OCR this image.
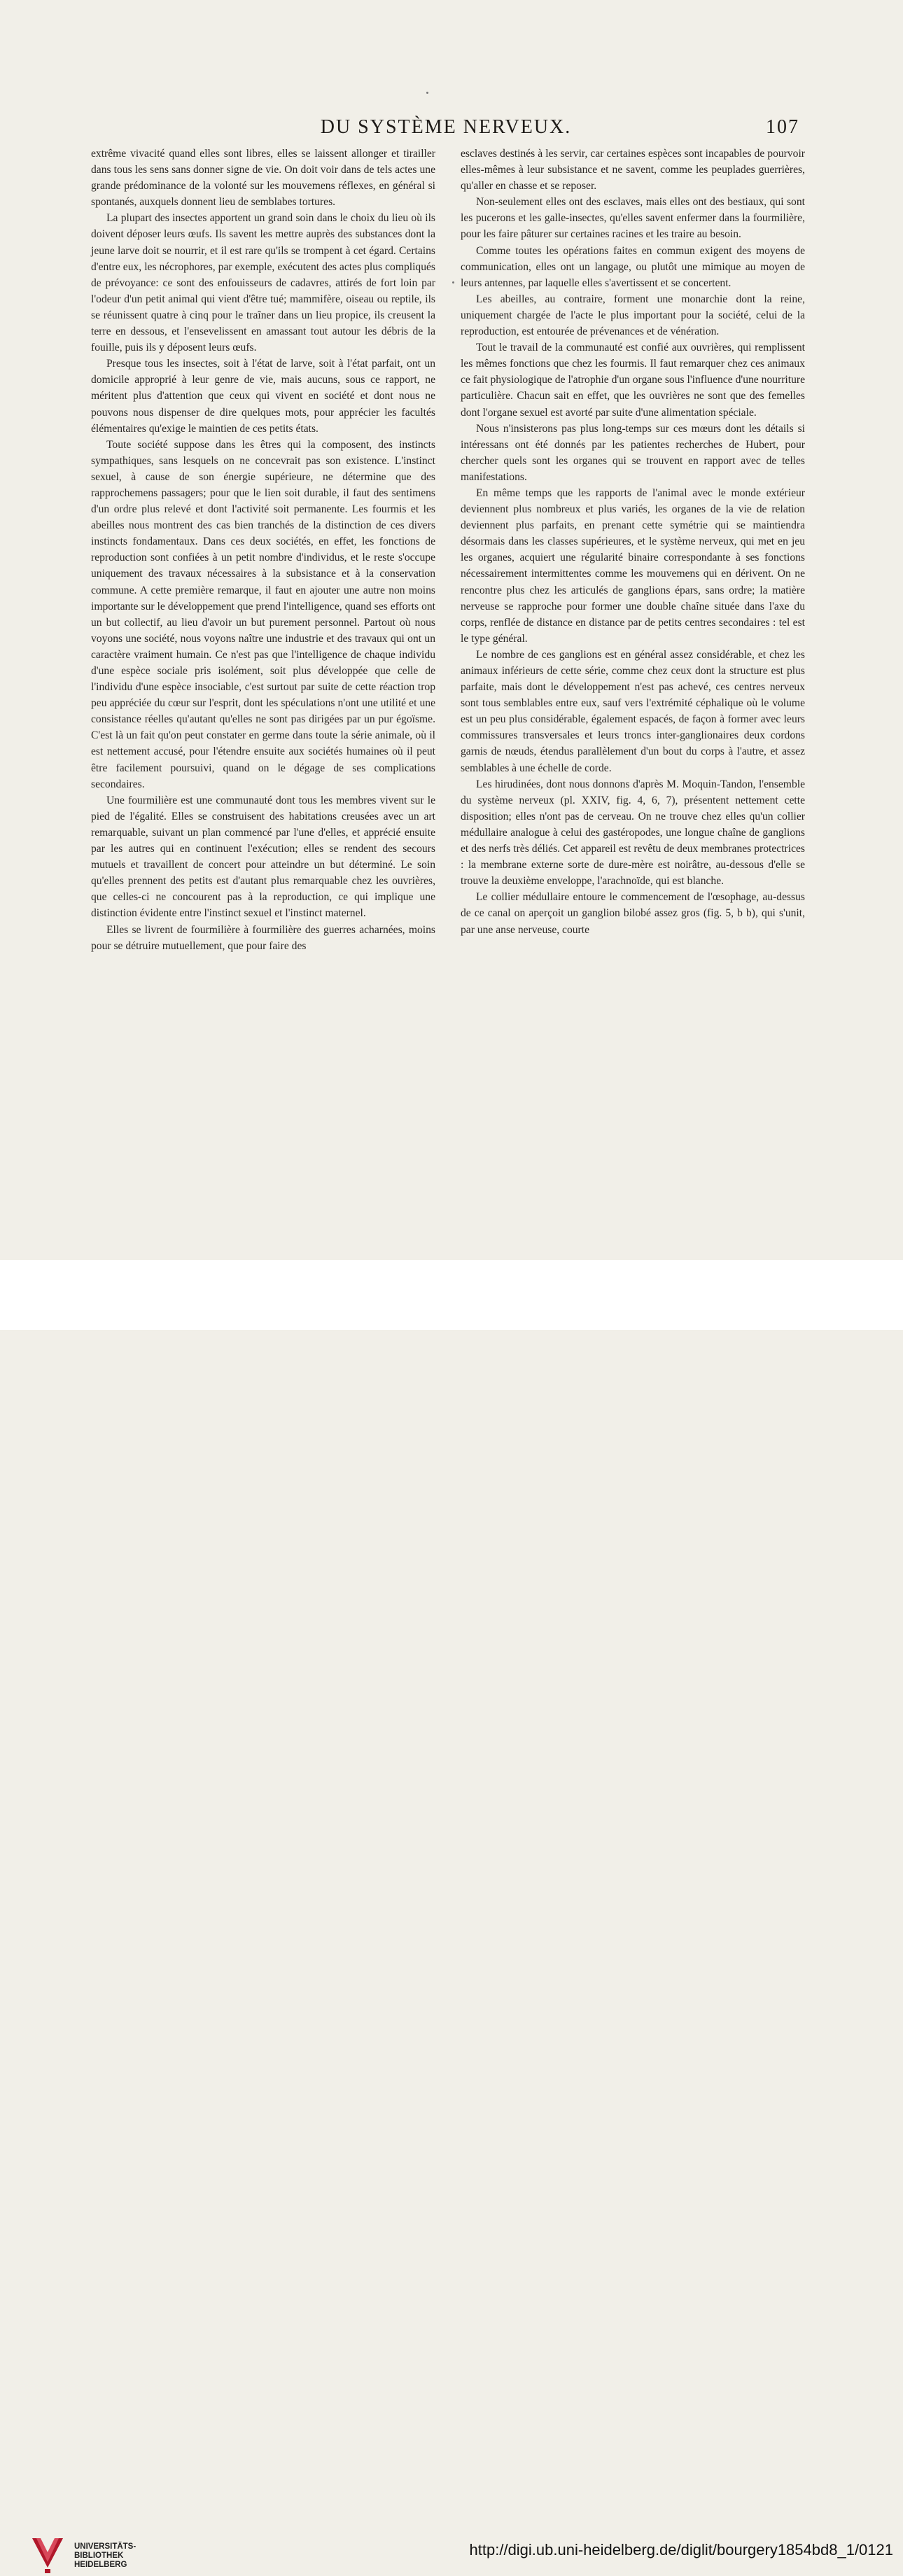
DU SYSTÈME NERVEUX.	107

extrême vivacité quand elles sont libres, elles se laissent allonger et tirailler dans tous les sens sans donner signe de vie. On doit voir dans de tels actes une grande prédominance de la volonté sur les mouvemens réflexes, en général si spontanés, auxquels donnent lieu de semblabes tortures.

La plupart des insectes apportent un grand soin dans le choix du lieu où ils doivent déposer leurs œufs. Ils savent les mettre auprès des substances dont la jeune larve doit se nourrir, et il est rare qu'ils se trompent à cet égard. Certains d'entre eux, les nécrophores, par exemple, exécutent des actes plus compliqués de prévoyance: ce sont des enfouisseurs de cadavres, attirés de fort loin par l'odeur d'un petit animal qui vient d'être tué; mammifère, oiseau ou reptile, ils se réunissent quatre à cinq pour le traîner dans un lieu propice, ils creusent la terre en dessous, et l'ensevelissent en amassant tout autour les débris de la fouille, puis ils y déposent leurs œufs.

Presque tous les insectes, soit à l'état de larve, soit à l'état parfait, ont un domicile approprié à leur genre de vie, mais aucuns, sous ce rapport, ne méritent plus d'attention que ceux qui vivent en société et dont nous ne pouvons nous dispenser de dire quelques mots, pour apprécier les facultés élémentaires qu'exige le maintien de ces petits états.

Toute société suppose dans les êtres qui la composent, des instincts sympathiques, sans lesquels on ne concevrait pas son existence. L'instinct sexuel, à cause de son énergie supérieure, ne détermine que des rapprochemens passagers; pour que le lien soit durable, il faut des sentimens d'un ordre plus relevé et dont l'activité soit permanente. Les fourmis et les abeilles nous montrent des cas bien tranchés de la distinction de ces divers instincts fondamentaux. Dans ces deux sociétés, en effet, les fonctions de reproduction sont confiées à un petit nombre d'individus, et le reste s'occupe uniquement des travaux nécessaires à la subsistance et à la conservation commune. A cette première remarque, il faut en ajouter une autre non moins importante sur le développement que prend l'intelligence, quand ses efforts ont un but collectif, au lieu d'avoir un but purement personnel. Partout où nous voyons une société, nous voyons naître une industrie et des travaux qui ont un caractère vraiment humain. Ce n'est pas que l'intelligence de chaque individu d'une espèce sociale pris isolément, soit plus développée que celle de l'individu d'une espèce insociable, c'est surtout par suite de cette réaction trop peu appréciée du cœur sur l'esprit, dont les spéculations n'ont une utilité et une consistance réelles qu'autant qu'elles ne sont pas dirigées par un pur égoïsme. C'est là un fait qu'on peut constater en germe dans toute la série animale, où il est nettement accusé, pour l'étendre ensuite aux sociétés humaines où il peut être facilement poursuivi, quand on le dégage de ses complications secondaires.

Une fourmilière est une communauté dont tous les membres vivent sur le pied de l'égalité. Elles se construisent des habitations creusées avec un art remarquable, suivant un plan commencé par l'une d'elles, et apprécié ensuite par les autres qui en continuent l'exécution; elles se rendent des secours mutuels et travaillent de concert pour atteindre un but déterminé. Le soin qu'elles prennent des petits est d'autant plus remarquable chez les ouvrières, que celles-ci ne concourent pas à la reproduction, ce qui implique une distinction évidente entre l'instinct sexuel et l'instinct maternel.

Elles se livrent de fourmilière à fourmilière des guerres acharnées, moins pour se détruire mutuellement, que pour faire des

esclaves destinés à les servir, car certaines espèces sont incapables de pourvoir elles-mêmes à leur subsistance et ne savent, comme les peuplades guerrières, qu'aller en chasse et se reposer.

Non-seulement elles ont des esclaves, mais elles ont des bestiaux, qui sont les pucerons et les galle-insectes, qu'elles savent enfermer dans la fourmilière, pour les faire pâturer sur certaines racines et les traire au besoin.

Comme toutes les opérations faites en commun exigent des moyens de communication, elles ont un langage, ou plutôt une mimique au moyen de leurs antennes, par laquelle elles s'avertissent et se concertent.

Les abeilles, au contraire, forment une monarchie dont la reine, uniquement chargée de l'acte le plus important pour la société, celui de la reproduction, est entourée de prévenances et de vénération.

Tout le travail de la communauté est confié aux ouvrières, qui remplissent les mêmes fonctions que chez les fourmis. Il faut remarquer chez ces animaux ce fait physiologique de l'atrophie d'un organe sous l'influence d'une nourriture particulière. Chacun sait en effet, que les ouvrières ne sont que des femelles dont l'organe sexuel est avorté par suite d'une alimentation spéciale.

Nous n'insisterons pas plus long-temps sur ces mœurs dont les détails si intéressans ont été donnés par les patientes recherches de Hubert, pour chercher quels sont les organes qui se trouvent en rapport avec de telles manifestations.

En même temps que les rapports de l'animal avec le monde extérieur deviennent plus nombreux et plus variés, les organes de la vie de relation deviennent plus parfaits, en prenant cette symétrie qui se maintiendra désormais dans les classes supérieures, et le système nerveux, qui met en jeu les organes, acquiert une régularité binaire correspondante à ses fonctions nécessairement intermittentes comme les mouvemens qui en dérivent. On ne rencontre plus chez les articulés de ganglions épars, sans ordre; la matière nerveuse se rapproche pour former une double chaîne située dans l'axe du corps, renflée de distance en distance par de petits centres secondaires : tel est le type général.

Le nombre de ces ganglions est en général assez considérable, et chez les animaux inférieurs de cette série, comme chez ceux dont la structure est plus parfaite, mais dont le développement n'est pas achevé, ces centres nerveux sont tous semblables entre eux, sauf vers l'extrémité céphalique où le volume est un peu plus considérable, également espacés, de façon à former avec leurs commissures transversales et leurs troncs inter-ganglionaires deux cordons garnis de nœuds, étendus parallèlement d'un bout du corps à l'autre, et assez semblables à une échelle de corde.

Les hirudinées, dont nous donnons d'après M. Moquin-Tandon, l'ensemble du système nerveux (pl. XXIV, fig. 4, 6, 7), présentent nettement cette disposition; elles n'ont pas de cerveau. On ne trouve chez elles qu'un collier médullaire analogue à celui des gastéropodes, une longue chaîne de ganglions et des nerfs très déliés. Cet appareil est revêtu de deux membranes protectrices : la membrane externe sorte de dure-mère est noirâtre, au-dessous d'elle se trouve la deuxième enveloppe, l'arachnoïde, qui est blanche.

Le collier médullaire entoure le commencement de l'œsophage, au-dessus de ce canal on aperçoit un ganglion bilobé assez gros (fig. 5, b b), qui s'unit, par une anse nerveuse, courte

UNIVERSITÄTS-
BIBLIOTHEK
HEIDELBERG
http://digi.ub.uni-heidelberg.de/diglit/bourgery1854bd8_1/0121
